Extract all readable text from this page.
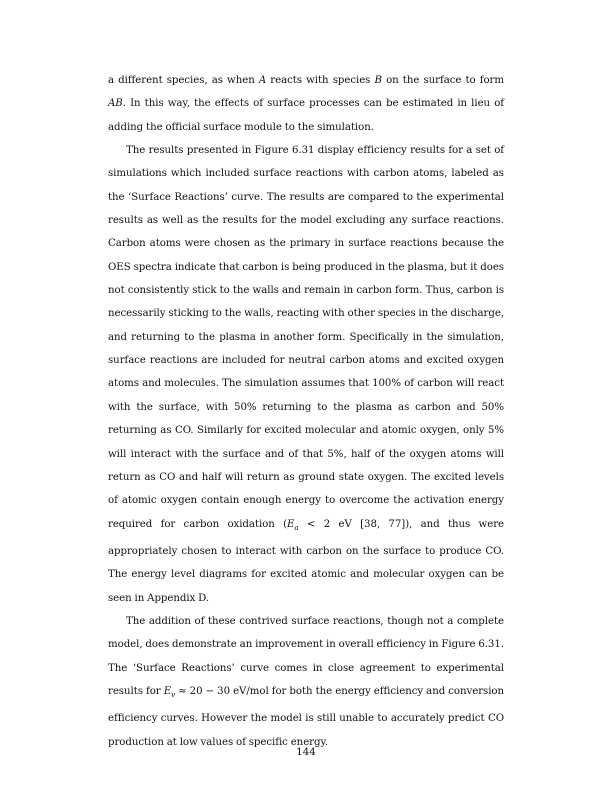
a different species, as when A reacts with species B on the surface to form AB. In this way, the effects of surface processes can be estimated in lieu of adding the official surface module to the simulation.

The results presented in Figure 6.31 display efficiency results for a set of simulations which included surface reactions with carbon atoms, labeled as the ‘Surface Reactions’ curve. The results are compared to the experimental results as well as the results for the model excluding any surface reactions. Carbon atoms were chosen as the primary in surface reactions because the OES spectra indicate that carbon is being produced in the plasma, but it does not consistently stick to the walls and remain in carbon form. Thus, carbon is necessarily sticking to the walls, reacting with other species in the discharge, and returning to the plasma in another form. Specifically in the simulation, surface reactions are included for neutral carbon atoms and excited oxygen atoms and molecules. The simulation assumes that 100% of carbon will react with the surface, with 50% returning to the plasma as carbon and 50% returning as CO. Similarly for excited molecular and atomic oxygen, only 5% will interact with the surface and of that 5%, half of the oxygen atoms will return as CO and half will return as ground state oxygen. The excited levels of atomic oxygen contain enough energy to overcome the activation energy required for carbon oxidation ($E_a < 2$ eV [38, 77]), and thus were appropriately chosen to interact with carbon on the surface to produce CO. The energy level diagrams for excited atomic and molecular oxygen can be seen in Appendix D.

The addition of these contrived surface reactions, though not a complete model, does demonstrate an improvement in overall efficiency in Figure 6.31. The ‘Surface Reactions’ curve comes in close agreement to experimental results for $E_v \approx 20 - 30$ eV/mol for both the energy efficiency and conversion efficiency curves. However the model is still unable to accurately predict CO production at low values of specific energy.

144
